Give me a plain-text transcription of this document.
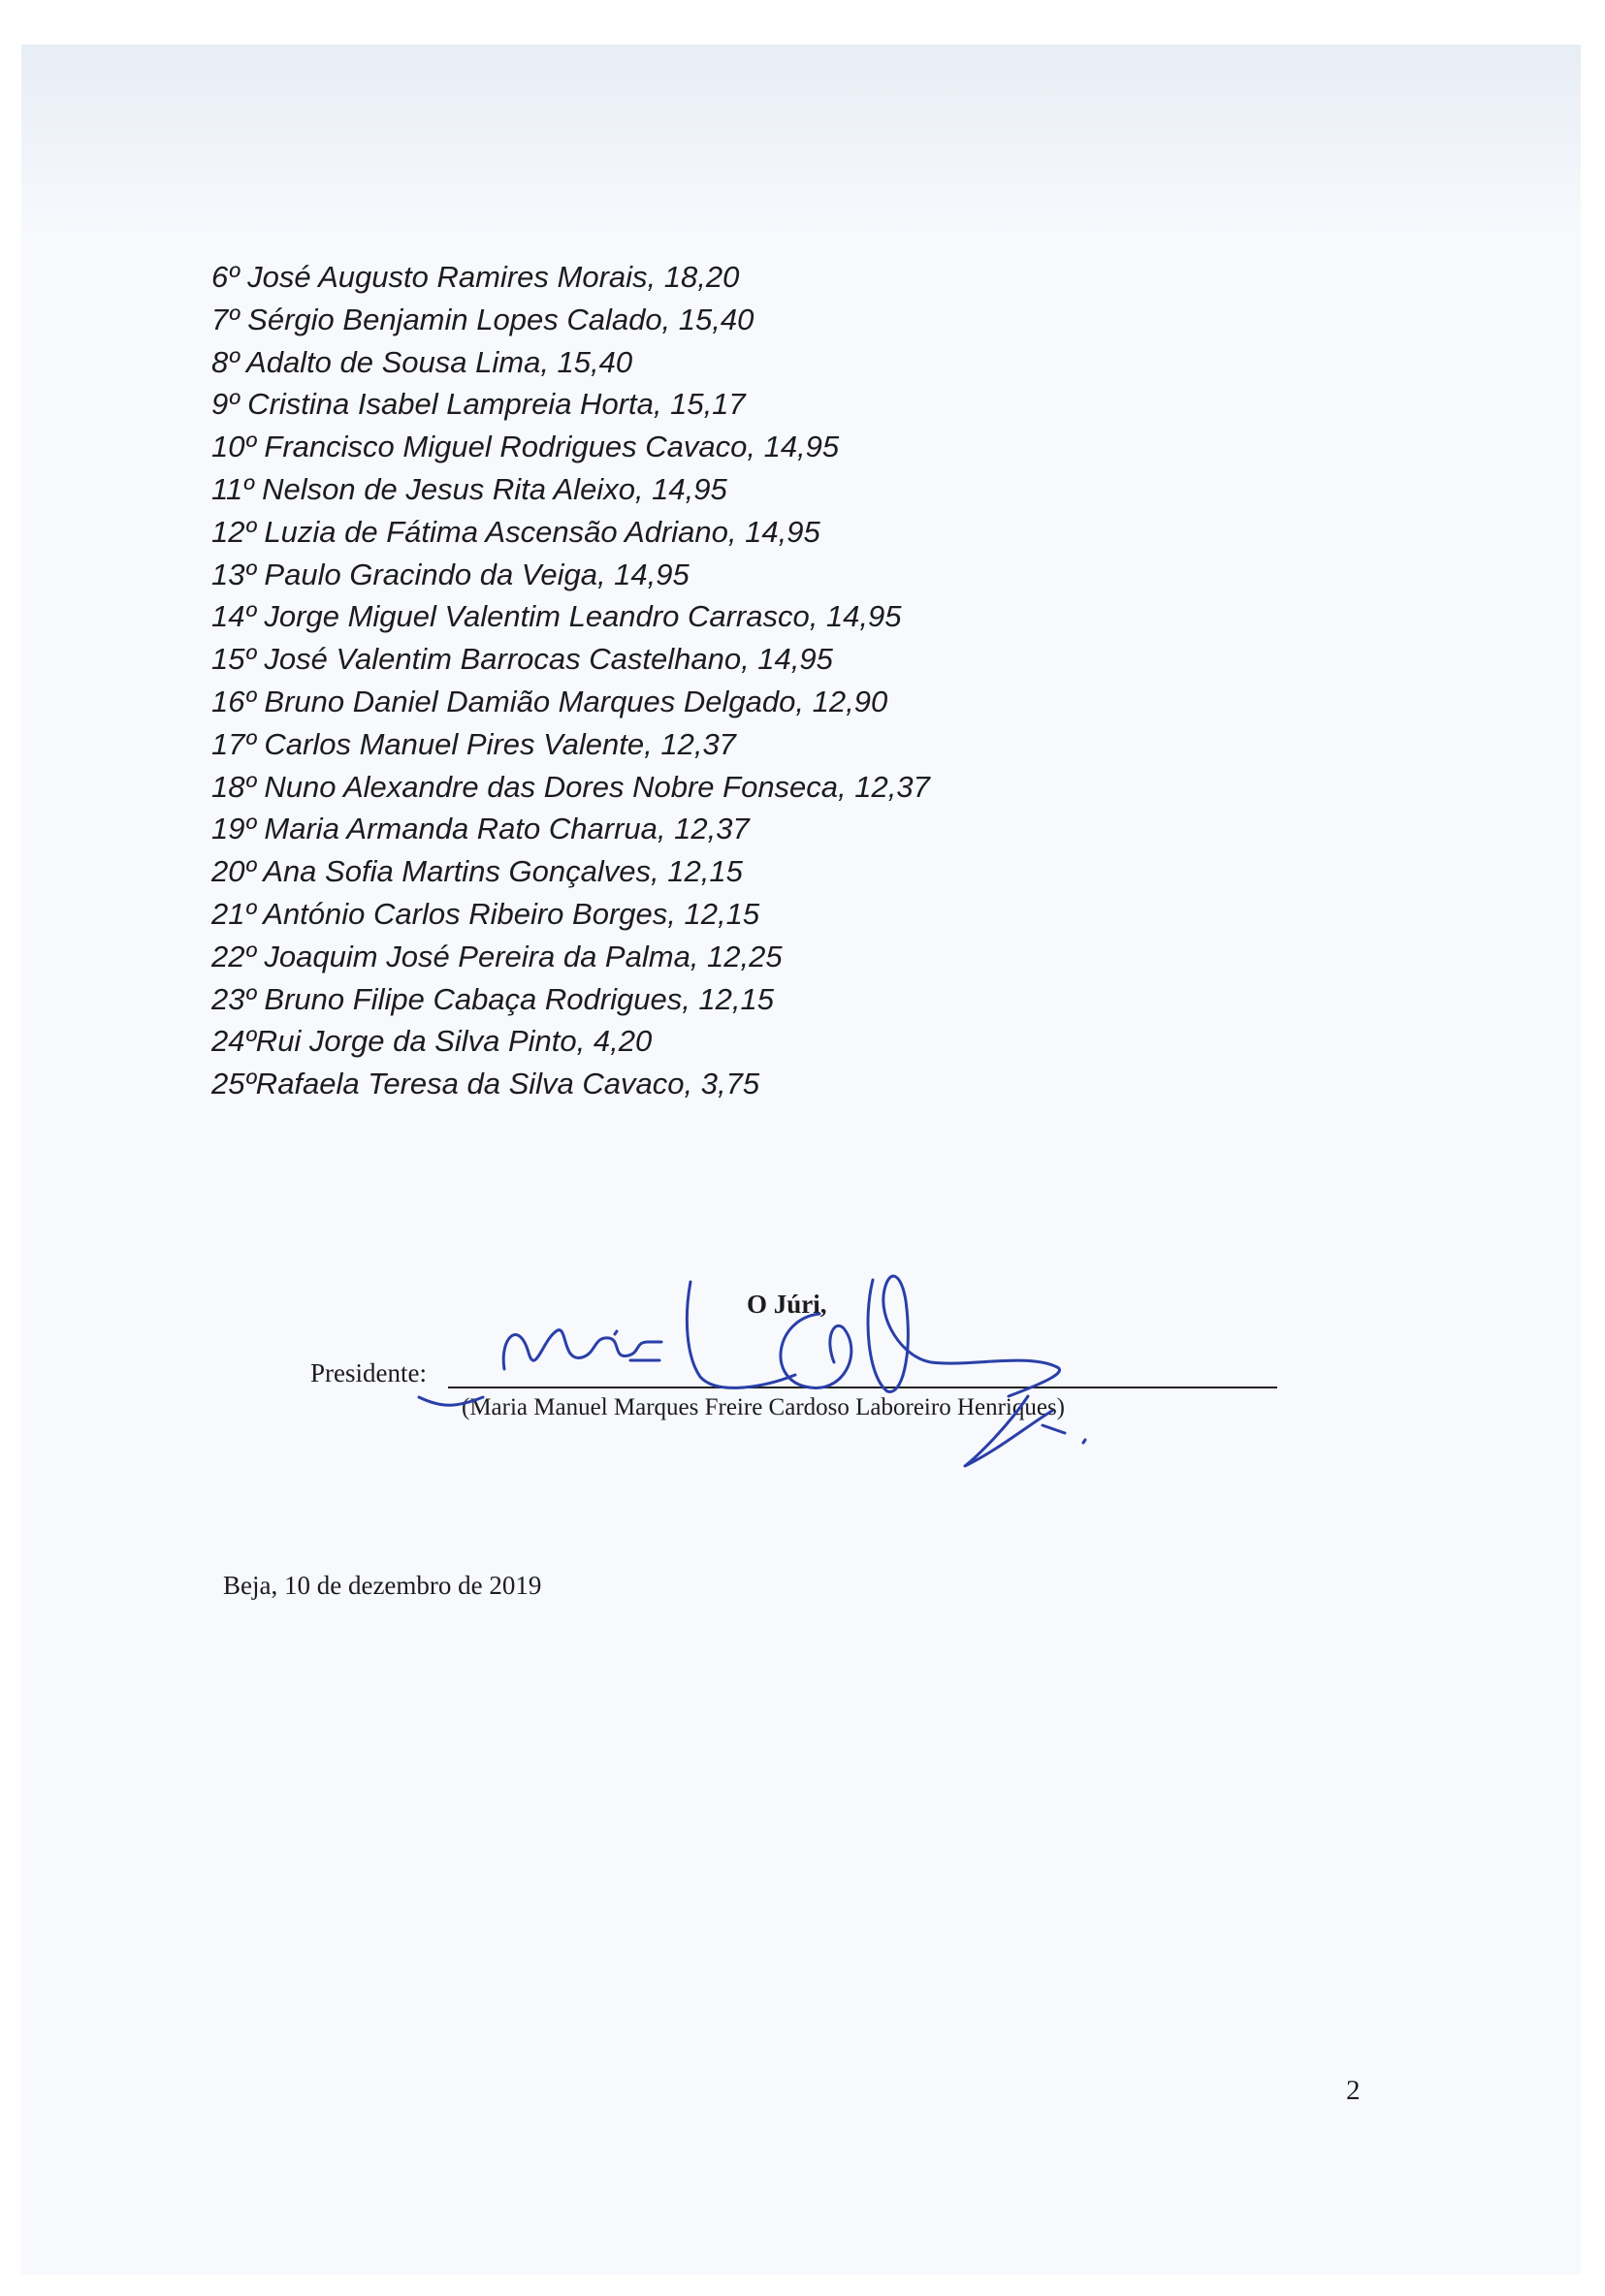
6º José Augusto Ramires Morais, 18,20
7º Sérgio Benjamin Lopes Calado, 15,40
8º Adalto de Sousa Lima, 15,40
9º Cristina Isabel Lampreia Horta, 15,17
10º Francisco Miguel Rodrigues Cavaco, 14,95
11º Nelson de Jesus Rita Aleixo, 14,95
12º Luzia de Fátima Ascensão Adriano, 14,95
13º Paulo Gracindo da Veiga, 14,95
14º Jorge Miguel Valentim Leandro Carrasco, 14,95
15º José Valentim Barrocas Castelhano, 14,95
16º Bruno Daniel Damião Marques Delgado, 12,90
17º Carlos Manuel Pires Valente, 12,37
18º Nuno Alexandre das Dores Nobre Fonseca, 12,37
19º Maria Armanda Rato Charrua, 12,37
20º Ana Sofia Martins Gonçalves, 12,15
21º António Carlos Ribeiro Borges, 12,15
22º Joaquim José Pereira da Palma, 12,25
23º Bruno Filipe Cabaça Rodrigues, 12,15
24ºRui Jorge da Silva Pinto, 4,20
25ºRafaela Teresa da Silva Cavaco, 3,75
O Júri,
Presidente:
(Maria Manuel Marques Freire Cardoso Laboreiro Henriques)
Beja, 10 de dezembro de 2019
2
